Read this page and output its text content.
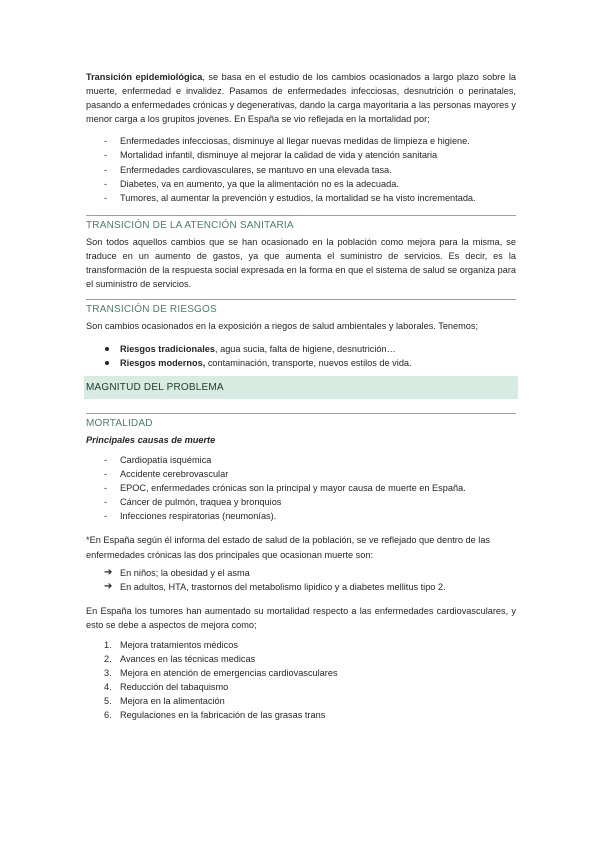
Transición epidemiológica, se basa en el estudio de los cambios ocasionados a largo plazo sobre la muerte, enfermedad e invalidez. Pasamos de enfermedades infecciosas, desnutrición o perinatales, pasando a enfermedades crónicas y degenerativas, dando la carga mayoritaria a las personas mayores y menor carga a los grupitos jovenes. En España se vio reflejada en la mortalidad por;

- Enfermedades infecciosas, disminuye al llegar nuevas medidas de limpieza e higiene.
- Mortalidad infantil, disminuye al mejorar la calidad de vida y atención sanitaria
- Enfermedades cardiovasculares, se mantuvo en una elevada tasa.
- Diabetes, va en aumento, ya que la alimentación no es la adecuada.
- Tumores, al aumentar la prevención y estudios, la mortalidad se ha visto incrementada.
TRANSICIÓN DE LA ATENCIÓN SANITARIA

Son todos aquellos cambios que se han ocasionado en la población como mejora para la misma, se traduce en un aumento de gastos, ya que aumenta el suministro de servicios. Es decir, es la transformación de la respuesta social expresada en la forma en que el sistema de salud se organiza para el suministro de servicios.

TRANSICIÓN DE RIESGOS

Son cambios ocasionados en la exposición a riegos de salud ambientales y laborales. Tenemos;

Riesgos tradicionales, agua sucia, falta de higiene, desnutrición…
Riesgos modernos, contaminación, transporte, nuevos estilos de vida.
MAGNITUD DEL PROBLEMA
MORTALIDAD

Principales causas de muerte

- Cardiopatía isquémica
- Accidente cerebrovascular
- EPOC, enfermedades crónicas son la principal y mayor causa de muerte en España.
- Cáncer de pulmón, traquea y bronquios
- Infecciones respiratorias (neumonías).

*En España según él informa del estado de salud de la población, se ve reflejado que dentro de las enfermedades crónicas las dos principales que ocasionan muerte son:

➔ En niños; la obesidad y el asma
➔ En adultos, HTA, trastornos del metabolismo lipidico y a diabetes mellitus tipo 2.

En España los tumores han aumentado su mortalidad respecto a las enfermedades cardiovasculares, y esto se debe a aspectos de mejora como;

1. Mejora tratamientos médicos
2. Avances en las técnicas medicas
3. Mejora en atención de emergencias cardiovasculares
4. Reducción del tabaquismo
5. Mejora en la alimentación
6. Regulaciones en la fabricación de las grasas trans
